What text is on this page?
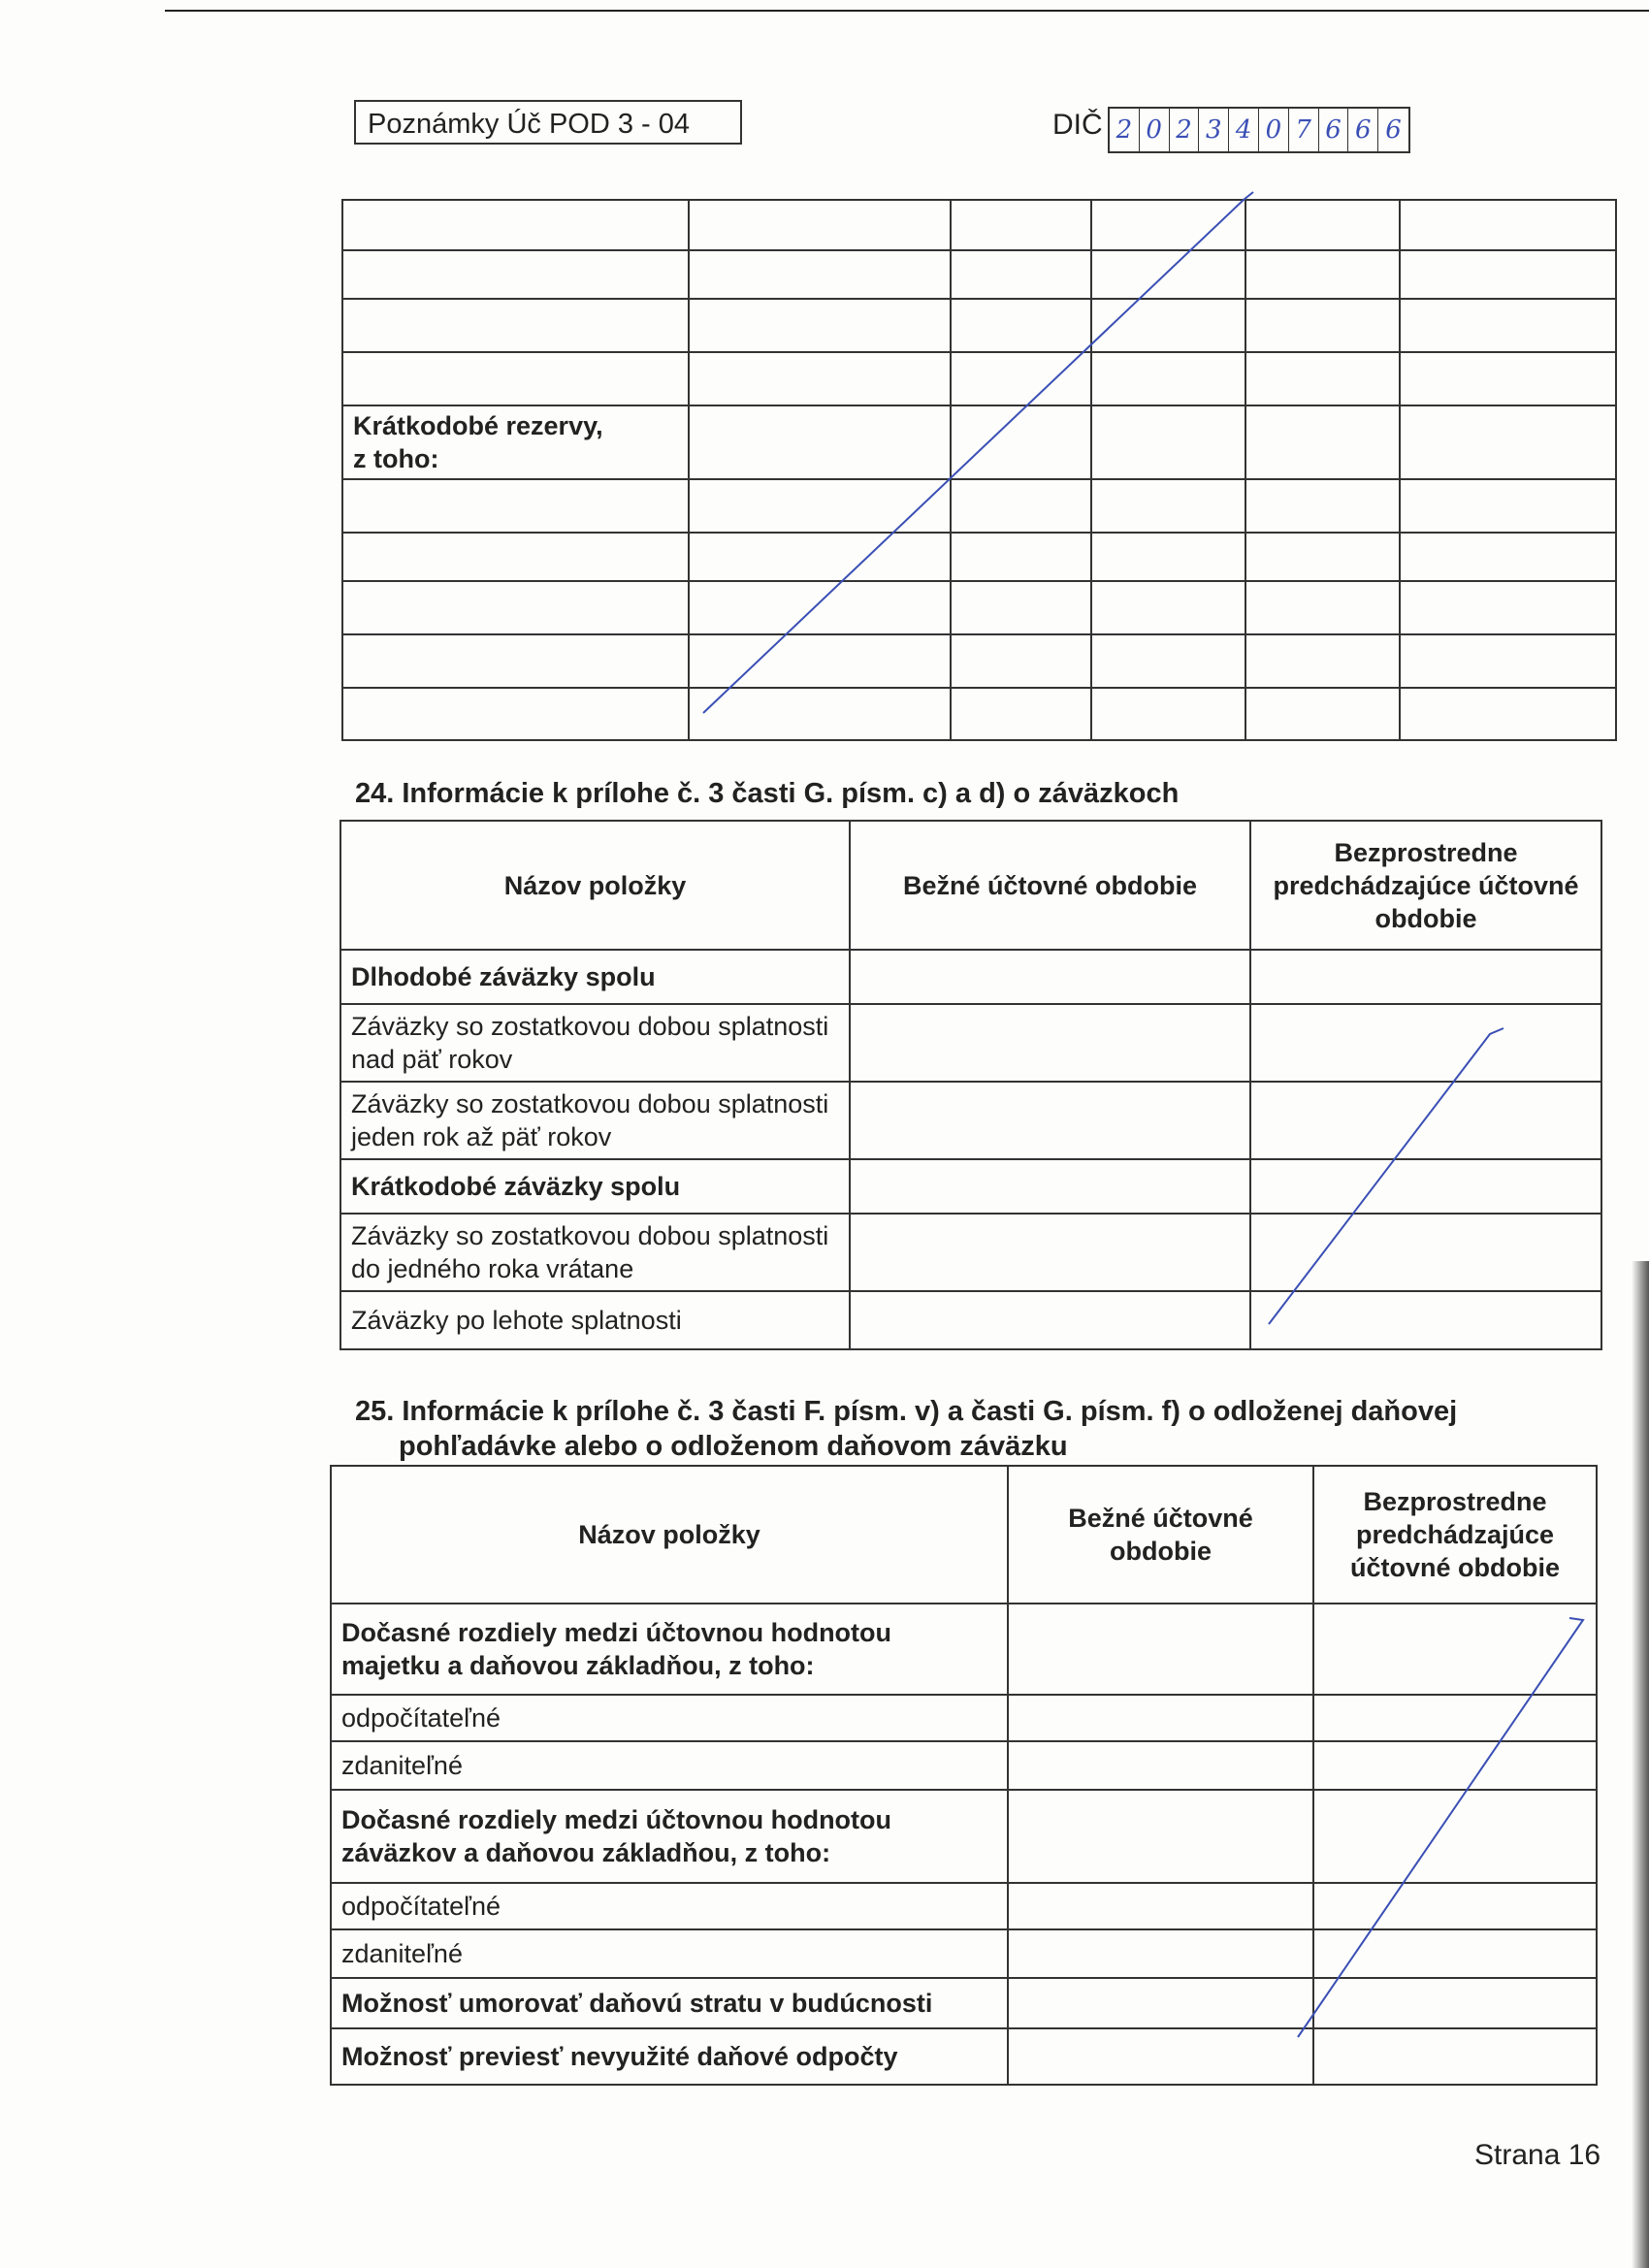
Poznámky Úč POD 3 - 04	DIČ 2 0 2 3 4 0 7 6 6 6

Krátkodobé rezervy,
z toho:					

24. Informácie k prílohe č. 3 časti G. písm. c) a d) o záväzkoch
Názov položky	Bežné účtovné obdobie	Bezprostredne predchádzajúce účtovné obdobie
Dlhodobé záväzky spolu		
Záväzky so zostatkovou dobou splatnosti nad päť rokov		
Záväzky so zostatkovou dobou splatnosti jeden rok až päť rokov		
Krátkodobé záväzky spolu		
Záväzky so zostatkovou dobou splatnosti do jedného roka vrátane		
Záväzky po lehote splatnosti		
25. Informácie k prílohe č. 3 časti F. písm. v) a časti G. písm. f) o odloženej daňovej pohľadávke alebo o odloženom daňovom záväzku
Názov položky	Bežné účtovné obdobie	Bezprostredne predchádzajúce účtovné obdobie
Dočasné rozdiely medzi účtovnou hodnotou majetku a daňovou základňou, z toho:		
odpočítateľné		
zdaniteľné		
Dočasné rozdiely medzi účtovnou hodnotou záväzkov a daňovou základňou, z toho:		
odpočítateľné		
zdaniteľné		
Možnosť umorovať daňovú stratu v budúcnosti		
Možnosť previesť nevyužité daňové odpočty		
Strana 16
